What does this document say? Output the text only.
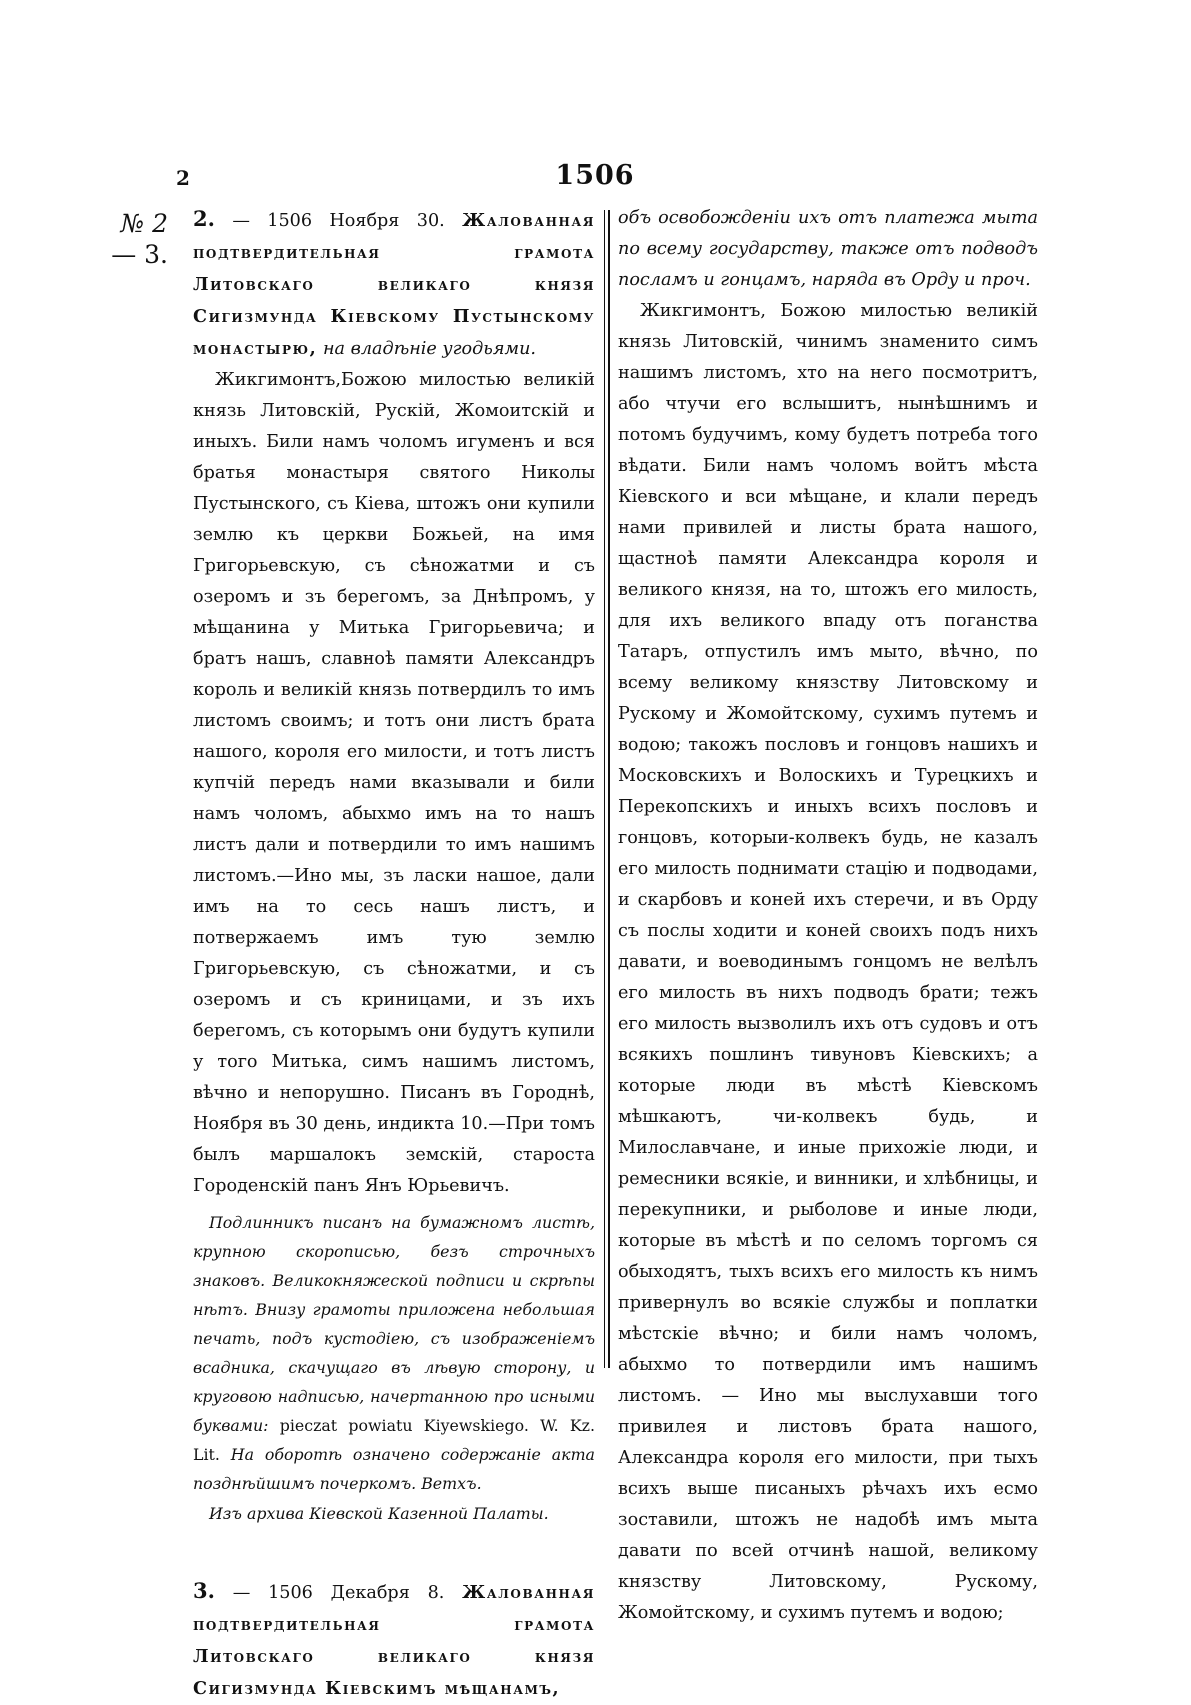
2	1506
№ 2
— 3.

2. — 1506 Ноября 30. Жалованная подтвердительная грамота Литовскаго великаго князя Сигизмунда Кіевскому Пустынскому монастырю, на владѣніе угодьями.

Жикгимонтъ,Божою милостью великій князь Литовскій, Рускій, Жомоитскій и иныхъ. Били намъ чоломъ игуменъ и вся братья монастыря святого Николы Пустынского, съ Кіева, штожъ они купили землю къ церкви Божьей, на имя Григорьевскую, съ сѣножатми и съ озеромъ и зъ берегомъ, за Днѣпромъ, у мѣщанина у Митька Григорьевича; и братъ нашъ, славноѣ памяти Александръ король и великій князь потвердилъ то имъ листомъ своимъ; и тотъ они листъ брата нашого, короля его милости, и тотъ листъ купчій передъ нами вказывали и били намъ чоломъ, абыхмо имъ на то нашъ листъ дали и потвердили то имъ нашимъ листомъ.—Ино мы, зъ ласки нашое, дали имъ на то сесь нашъ листъ, и потвержаемъ имъ тую землю Григорьевскую, съ сѣножатми, и съ озеромъ и съ криницами, и зъ ихъ берегомъ, съ которымъ они будутъ купили у того Митька, симъ нашимъ листомъ, вѣчно и непорушно. Писанъ въ Городнѣ, Ноября въ 30 день, индикта 10.—При томъ былъ маршалокъ земскій, староста Городенскій панъ Янъ Юрьевичъ.

Подлинникъ писанъ на бумажномъ листѣ, крупною скорописью, безъ строчныхъ знаковъ. Великокняжеской подписи и скрѣпы нѣтъ. Внизу грамоты приложена небольшая печать, подъ кустодіею, съ изображеніемъ всадника, скачущаго въ лѣвую сторону, и круговою надписью, начертанною про исными буквами: pieczat powiatu Kiyewskiego. W. Kz. Lit. На оборотѣ означено содержаніе акта позднѣйшимъ почеркомъ. Ветхъ.

Изъ архива Кіевской Казенной Палаты.

3. — 1506 Декабря 8. Жалованная подтвердительная грамота Литовскаго великаго князя Сигизмунда Кіевскимъ мѣщанамъ,

объ освобожденіи ихъ отъ платежа мыта по всему государству, также отъ подводъ посламъ и гонцамъ, наряда въ Орду и проч.

Жикгимонтъ, Божою милостью великій князь Литовскій, чинимъ знаменито симъ нашимъ листомъ, хто на него посмотритъ, або чтучи его вслышитъ, нынѣшнимъ и потомъ будучимъ, кому будетъ потреба того вѣдати. Били намъ чоломъ войтъ мѣста Кіевского и вси мѣщане, и клали передъ нами привилей и листы брата нашого, щастноѣ памяти Александра короля и великого князя, на то, штожъ его милость, для ихъ великого впаду отъ поганства Татаръ, отпустилъ имъ мыто, вѣчно, по всему великому князству Литовскому и Рускому и Жомойтскому, сухимъ путемъ и водою; такожъ пословъ и гонцовъ нашихъ и Московскихъ и Волоскихъ и Турецкихъ и Перекопскихъ и иныхъ всихъ пословъ и гонцовъ, которыи-колвекъ будь, не казалъ его милость поднимати стацію и подводами, и скарбовъ и коней ихъ стеречи, и въ Орду съ послы ходити и коней своихъ подъ нихъ давати, и воеводинымъ гонцомъ не велѣлъ его милость въ нихъ подводъ брати; тежъ его милость вызволилъ ихъ отъ судовъ и отъ всякихъ пошлинъ тивуновъ Кіевскихъ; а которые люди въ мѣстѣ Кіевскомъ мѣшкаютъ, чи-колвекъ будь, и Милославчане, и иные прихожіе люди, и ремесники всякіе, и винники, и хлѣбницы, и перекупники, и рыболове и иные люди, которые въ мѣстѣ и по селомъ торгомъ ся обыходятъ, тыхъ всихъ его милость къ нимъ привернулъ во всякіе службы и поплатки мѣстскіе вѣчно; и били намъ чоломъ, абыхмо то потвердили имъ нашимъ листомъ. — Ино мы выслухавши того привилея и листовъ брата нашого, Александра короля его милости, при тыхъ всихъ выше писаныхъ рѣчахъ ихъ есмо зоставили, штожъ не надобѣ имъ мыта давати по всей отчинѣ нашой, великому князству Литовскому, Рускому, Жомойтскому, и сухимъ путемъ и водою;
